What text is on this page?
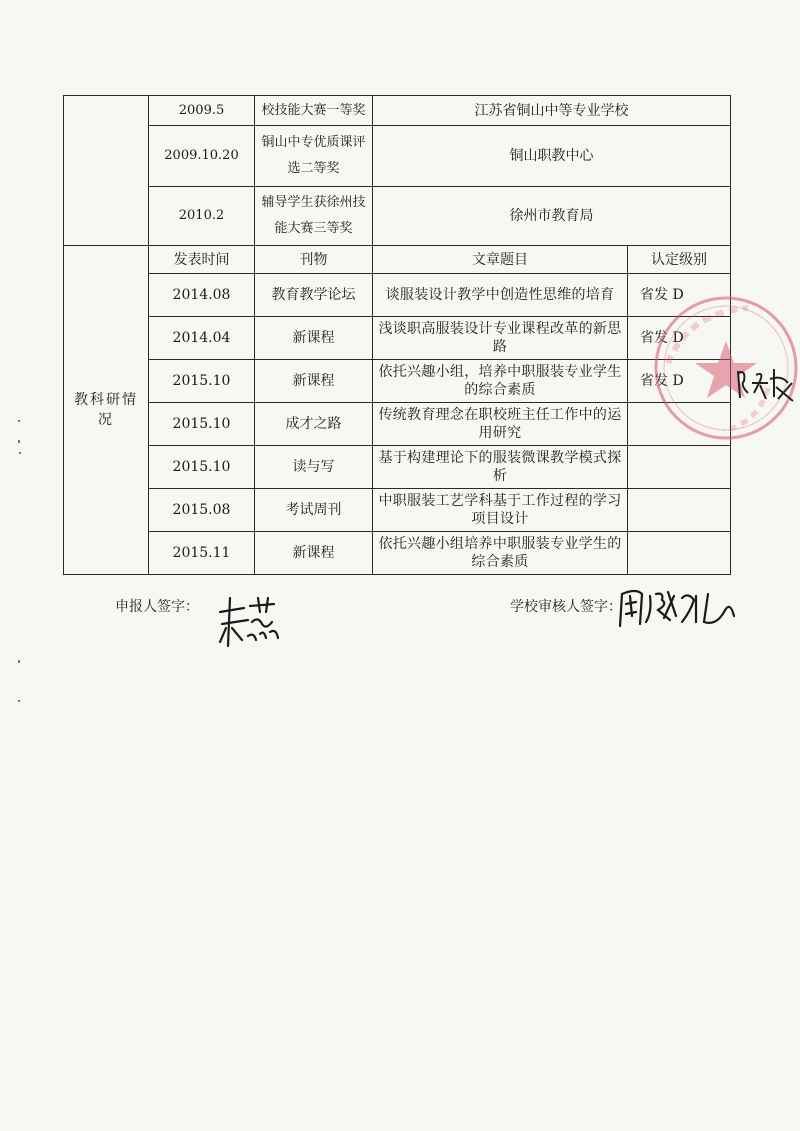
	2009.5	校技能大赛一等奖	江苏省铜山中等专业学校	
	2009.10.20	铜山中专优质课评选二等奖	铜山职教中心	
	2010.2	辅导学生获徐州技能大赛三等奖	徐州市教育局	
教科研情况	发表时间	刊物	文章题目	认定级别
	2014.08	教育教学论坛	谈服装设计教学中创造性思维的培育	省发 D
	2014.04	新课程	浅谈职高服装设计专业课程改革的新思路	省发 D
	2015.10	新课程	依托兴趣小组，培养中职服装专业学生的综合素质	省发 D
	2015.10	成才之路	传统教育理念在职校班主任工作中的运用研究	
	2015.10	读与写	基于构建理论下的服装微课教学模式探析	
	2015.08	考试周刊	中职服装工艺学科基于工作过程的学习项目设计	
	2015.11	新课程	依托兴趣小组培养中职服装专业学生的综合素质	
申报人签字：	学校审核人签字：
